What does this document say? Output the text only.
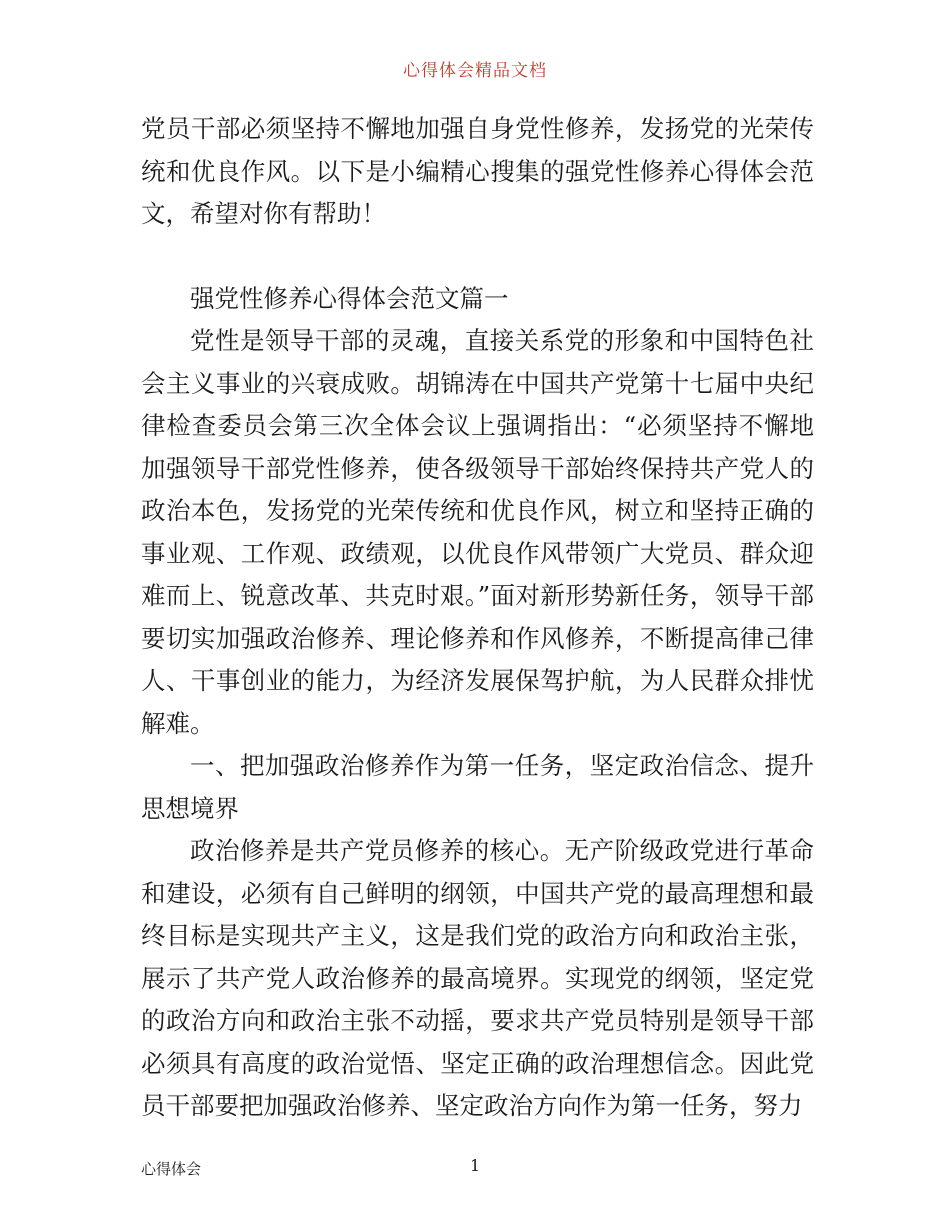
心得体会精品文档

党员干部必须坚持不懈地加强自身党性修养，发扬党的光荣传统和优良作风。以下是小编精心搜集的强党性修养心得体会范文，希望对你有帮助！

强党性修养心得体会范文篇一

党性是领导干部的灵魂，直接关系党的形象和中国特色社会主义事业的兴衰成败。胡锦涛在中国共产党第十七届中央纪律检查委员会第三次全体会议上强调指出：“必须坚持不懈地加强领导干部党性修养，使各级领导干部始终保持共产党人的政治本色，发扬党的光荣传统和优良作风，树立和坚持正确的事业观、工作观、政绩观，以优良作风带领广大党员、群众迎难而上、锐意改革、共克时艰。”面对新形势新任务，领导干部要切实加强政治修养、理论修养和作风修养，不断提高律己律人、干事创业的能力，为经济发展保驾护航，为人民群众排忧解难。

一、把加强政治修养作为第一任务，坚定政治信念、提升思想境界

政治修养是共产党员修养的核心。无产阶级政党进行革命和建设，必须有自己鲜明的纲领，中国共产党的最高理想和最终目标是实现共产主义，这是我们党的政治方向和政治主张，展示了共产党人政治修养的最高境界。实现党的纲领，坚定党的政治方向和政治主张不动摇，要求共产党员特别是领导干部必须具有高度的政治觉悟、坚定正确的政治理想信念。因此党员干部要把加强政治修养、坚定政治方向作为第一任务，努力

心得体会	1
